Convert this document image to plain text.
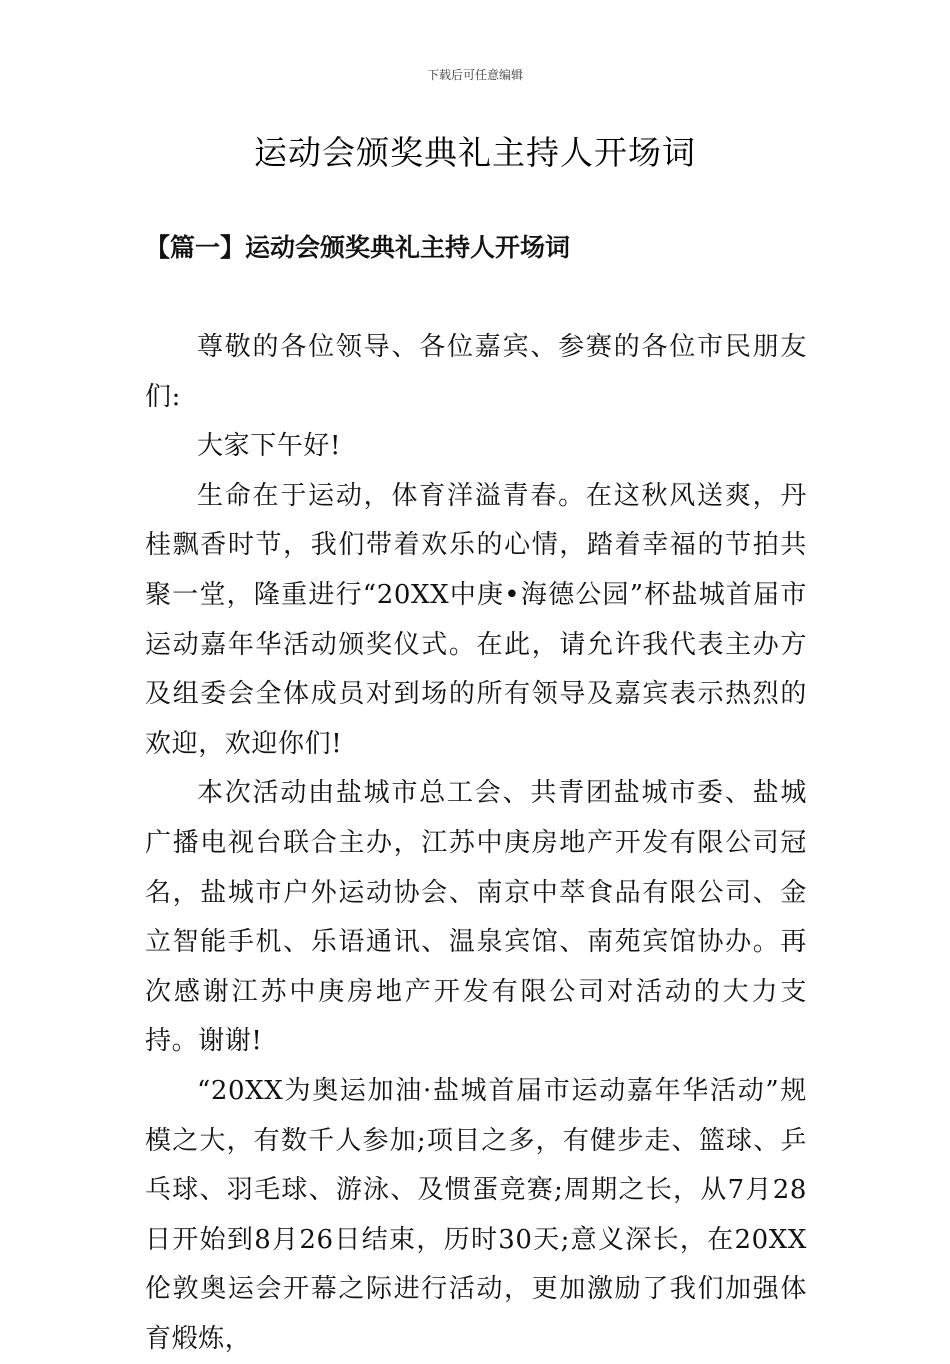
下载后可任意编辑
运动会颁奖典礼主持人开场词
【篇一】运动会颁奖典礼主持人开场词

尊敬的各位领导、各位嘉宾、参赛的各位市民朋友们:

大家下午好!

生命在于运动，体育洋溢青春。在这秋风送爽，丹桂飘香时节，我们带着欢乐的心情，踏着幸福的节拍共聚一堂，隆重进行“20XX中庚•海德公园”杯盐城首届市运动嘉年华活动颁奖仪式。在此，请允许我代表主办方及组委会全体成员对到场的所有领导及嘉宾表示热烈的欢迎，欢迎你们!

本次活动由盐城市总工会、共青团盐城市委、盐城广播电视台联合主办，江苏中庚房地产开发有限公司冠名，盐城市户外运动协会、南京中萃食品有限公司、金立智能手机、乐语通讯、温泉宾馆、南苑宾馆协办。再次感谢江苏中庚房地产开发有限公司对活动的大力支持。谢谢!

“20XX为奥运加油·盐城首届市运动嘉年华活动”规模之大，有数千人参加;项目之多，有健步走、篮球、乒乓球、羽毛球、游泳、及惯蛋竞赛;周期之长，从7月28日开始到8月26日结束，历时30天;意义深长，在20XX伦敦奥运会开幕之际进行活动，更加激励了我们加强体育煅炼，
